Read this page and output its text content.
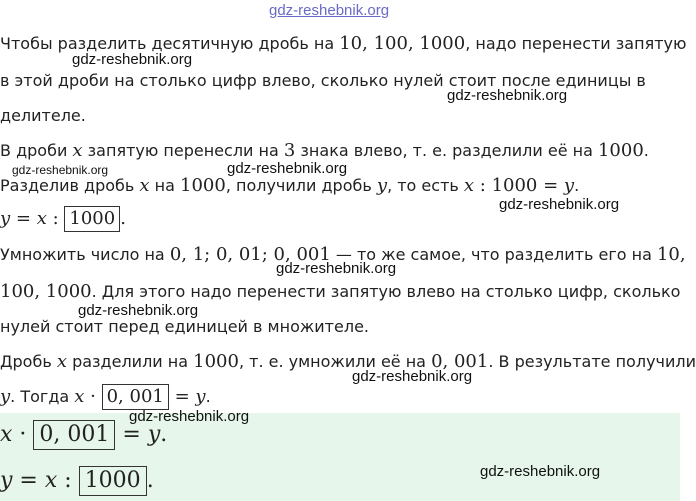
Чтобы разделить десятичную дробь на 10, 100, 1000, надо перенести запятую
в этой дроби на столько цифр влево, сколько нулей стоит после единицы в
делителе.
В дроби x запятую перенесли на 3 знака влево, т. е. разделили её на 1000.
Разделив дробь x на 1000, получили дробь y, то есть x : 1000 = y.
y = x : 1000 .
Умножить число на 0, 1; 0, 01; 0, 001 — то же самое, что разделить его на 10,
100, 1000. Для этого надо перенести запятую влево на столько цифр, сколько
нулей стоит перед единицей в множителе.
Дробь x разделили на 1000, т. е. умножили её на 0, 001. В результате получили
y. Тогда x · 0, 001 = y.
x · 0, 001 = y.
y = x : 1000 .
gdz-reshebnik.org
gdz-reshebnik.org
gdz-reshebnik.org
gdz-reshebnik.org	gdz-reshebnik.org
gdz-reshebnik.org
gdz-reshebnik.org
gdz-reshebnik.org
gdz-reshebnik.org
gdz-reshebnik.org
gdz-reshebnik.org
